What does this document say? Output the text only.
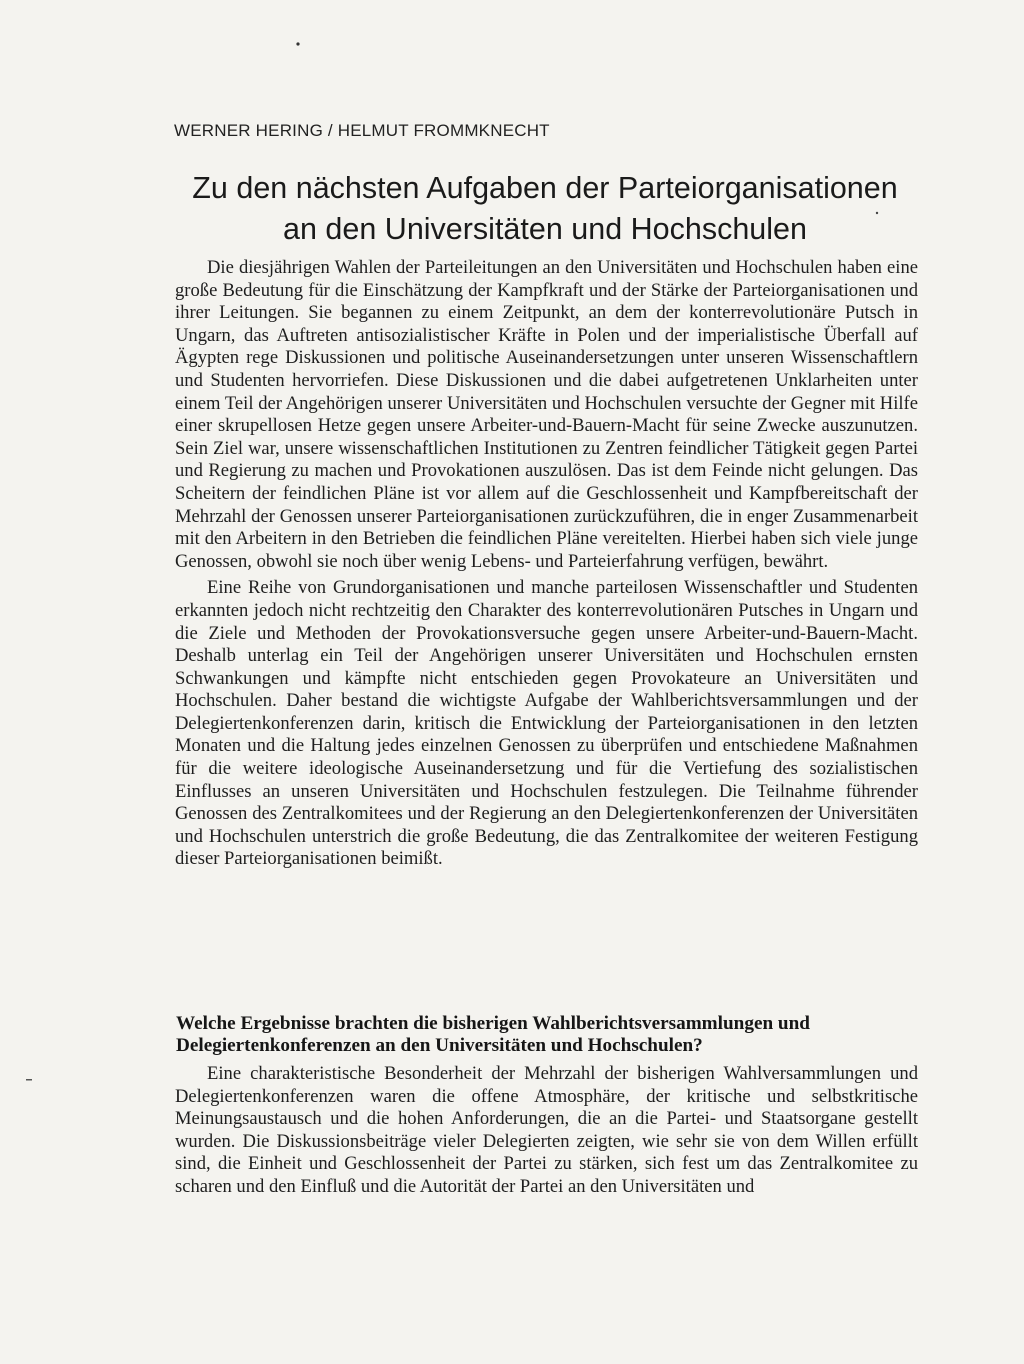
WERNER HERING / HELMUT FROMMKNECHT
Zu den nächsten Aufgaben der Parteiorganisationen
an den Universitäten und Hochschulen

Die diesjährigen Wahlen der Parteileitungen an den Universitäten und Hochschulen haben eine große Bedeutung für die Einschätzung der Kampfkraft und der Stärke der Parteiorganisationen und ihrer Leitungen. Sie begannen zu einem Zeitpunkt, an dem der konterrevolutionäre Putsch in Ungarn, das Auftreten antisozialistischer Kräfte in Polen und der imperialistische Überfall auf Ägypten rege Diskussionen und politische Auseinandersetzungen unter unseren Wissenschaftlern und Studenten hervorriefen. Diese Diskussionen und die dabei aufgetretenen Unklarheiten unter einem Teil der Angehörigen unserer Universitäten und Hochschulen versuchte der Gegner mit Hilfe einer skrupellosen Hetze gegen unsere Arbeiter-und-Bauern-Macht für seine Zwecke auszunutzen. Sein Ziel war, unsere wissenschaftlichen Institutionen zu Zentren feindlicher Tätigkeit gegen Partei und Regierung zu machen und Provokationen auszulösen. Das ist dem Feinde nicht gelungen. Das Scheitern der feindlichen Pläne ist vor allem auf die Geschlossenheit und Kampfbereitschaft der Mehrzahl der Genossen unserer Parteiorganisationen zurückzuführen, die in enger Zusammenarbeit mit den Arbeitern in den Betrieben die feindlichen Pläne vereitelten. Hierbei haben sich viele junge Genossen, obwohl sie noch über wenig Lebens- und Parteierfahrung verfügen, bewährt.

Eine Reihe von Grundorganisationen und manche parteilosen Wissenschaftler und Studenten erkannten jedoch nicht rechtzeitig den Charakter des konterrevolutionären Putsches in Ungarn und die Ziele und Methoden der Provokationsversuche gegen unsere Arbeiter-und-Bauern-Macht. Deshalb unterlag ein Teil der Angehörigen unserer Universitäten und Hochschulen ernsten Schwankungen und kämpfte nicht entschieden gegen Provokateure an Universitäten und Hochschulen. Daher bestand die wichtigste Aufgabe der Wahlberichtsversammlungen und der Delegiertenkonferenzen darin, kritisch die Entwicklung der Parteiorganisationen in den letzten Monaten und die Haltung jedes einzelnen Genossen zu überprüfen und entschiedene Maßnahmen für die weitere ideologische Auseinandersetzung und für die Vertiefung des sozialistischen Einflusses an unseren Universitäten und Hochschulen festzulegen. Die Teilnahme führender Genossen des Zentralkomitees und der Regierung an den Delegiertenkonferenzen der Universitäten und Hochschulen unterstrich die große Bedeutung, die das Zentralkomitee der weiteren Festigung dieser Parteiorganisationen beimißt.

Welche Ergebnisse brachten die bisherigen Wahlberichtsversammlungen und Delegiertenkonferenzen an den Universitäten und Hochschulen?

Eine charakteristische Besonderheit der Mehrzahl der bisherigen Wahlversammlungen und Delegiertenkonferenzen waren die offene Atmosphäre, der kritische und selbstkritische Meinungsaustausch und die hohen Anforderungen, die an die Partei- und Staatsorgane gestellt wurden. Die Diskussionsbeiträge vieler Delegierten zeigten, wie sehr sie von dem Willen erfüllt sind, die Einheit und Geschlossenheit der Partei zu stärken, sich fest um das Zentralkomitee zu scharen und den Einfluß und die Autorität der Partei an den Universitäten und
